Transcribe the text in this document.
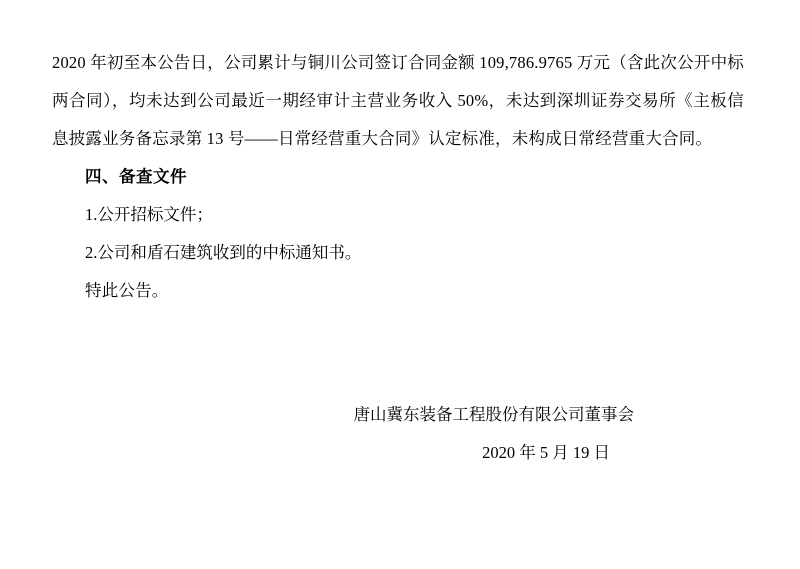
2020 年初至本公告日，公司累计与铜川公司签订合同金额 109,786.9765 万元（含此次公开中标两合同），均未达到公司最近一期经审计主营业务收入 50%，未达到深圳证券交易所《主板信息披露业务备忘录第 13 号——日常经营重大合同》认定标准，未构成日常经营重大合同。

四、备查文件

1.公开招标文件；

2.公司和盾石建筑收到的中标通知书。

特此公告。

唐山冀东装备工程股份有限公司董事会

2020 年 5 月 19 日
